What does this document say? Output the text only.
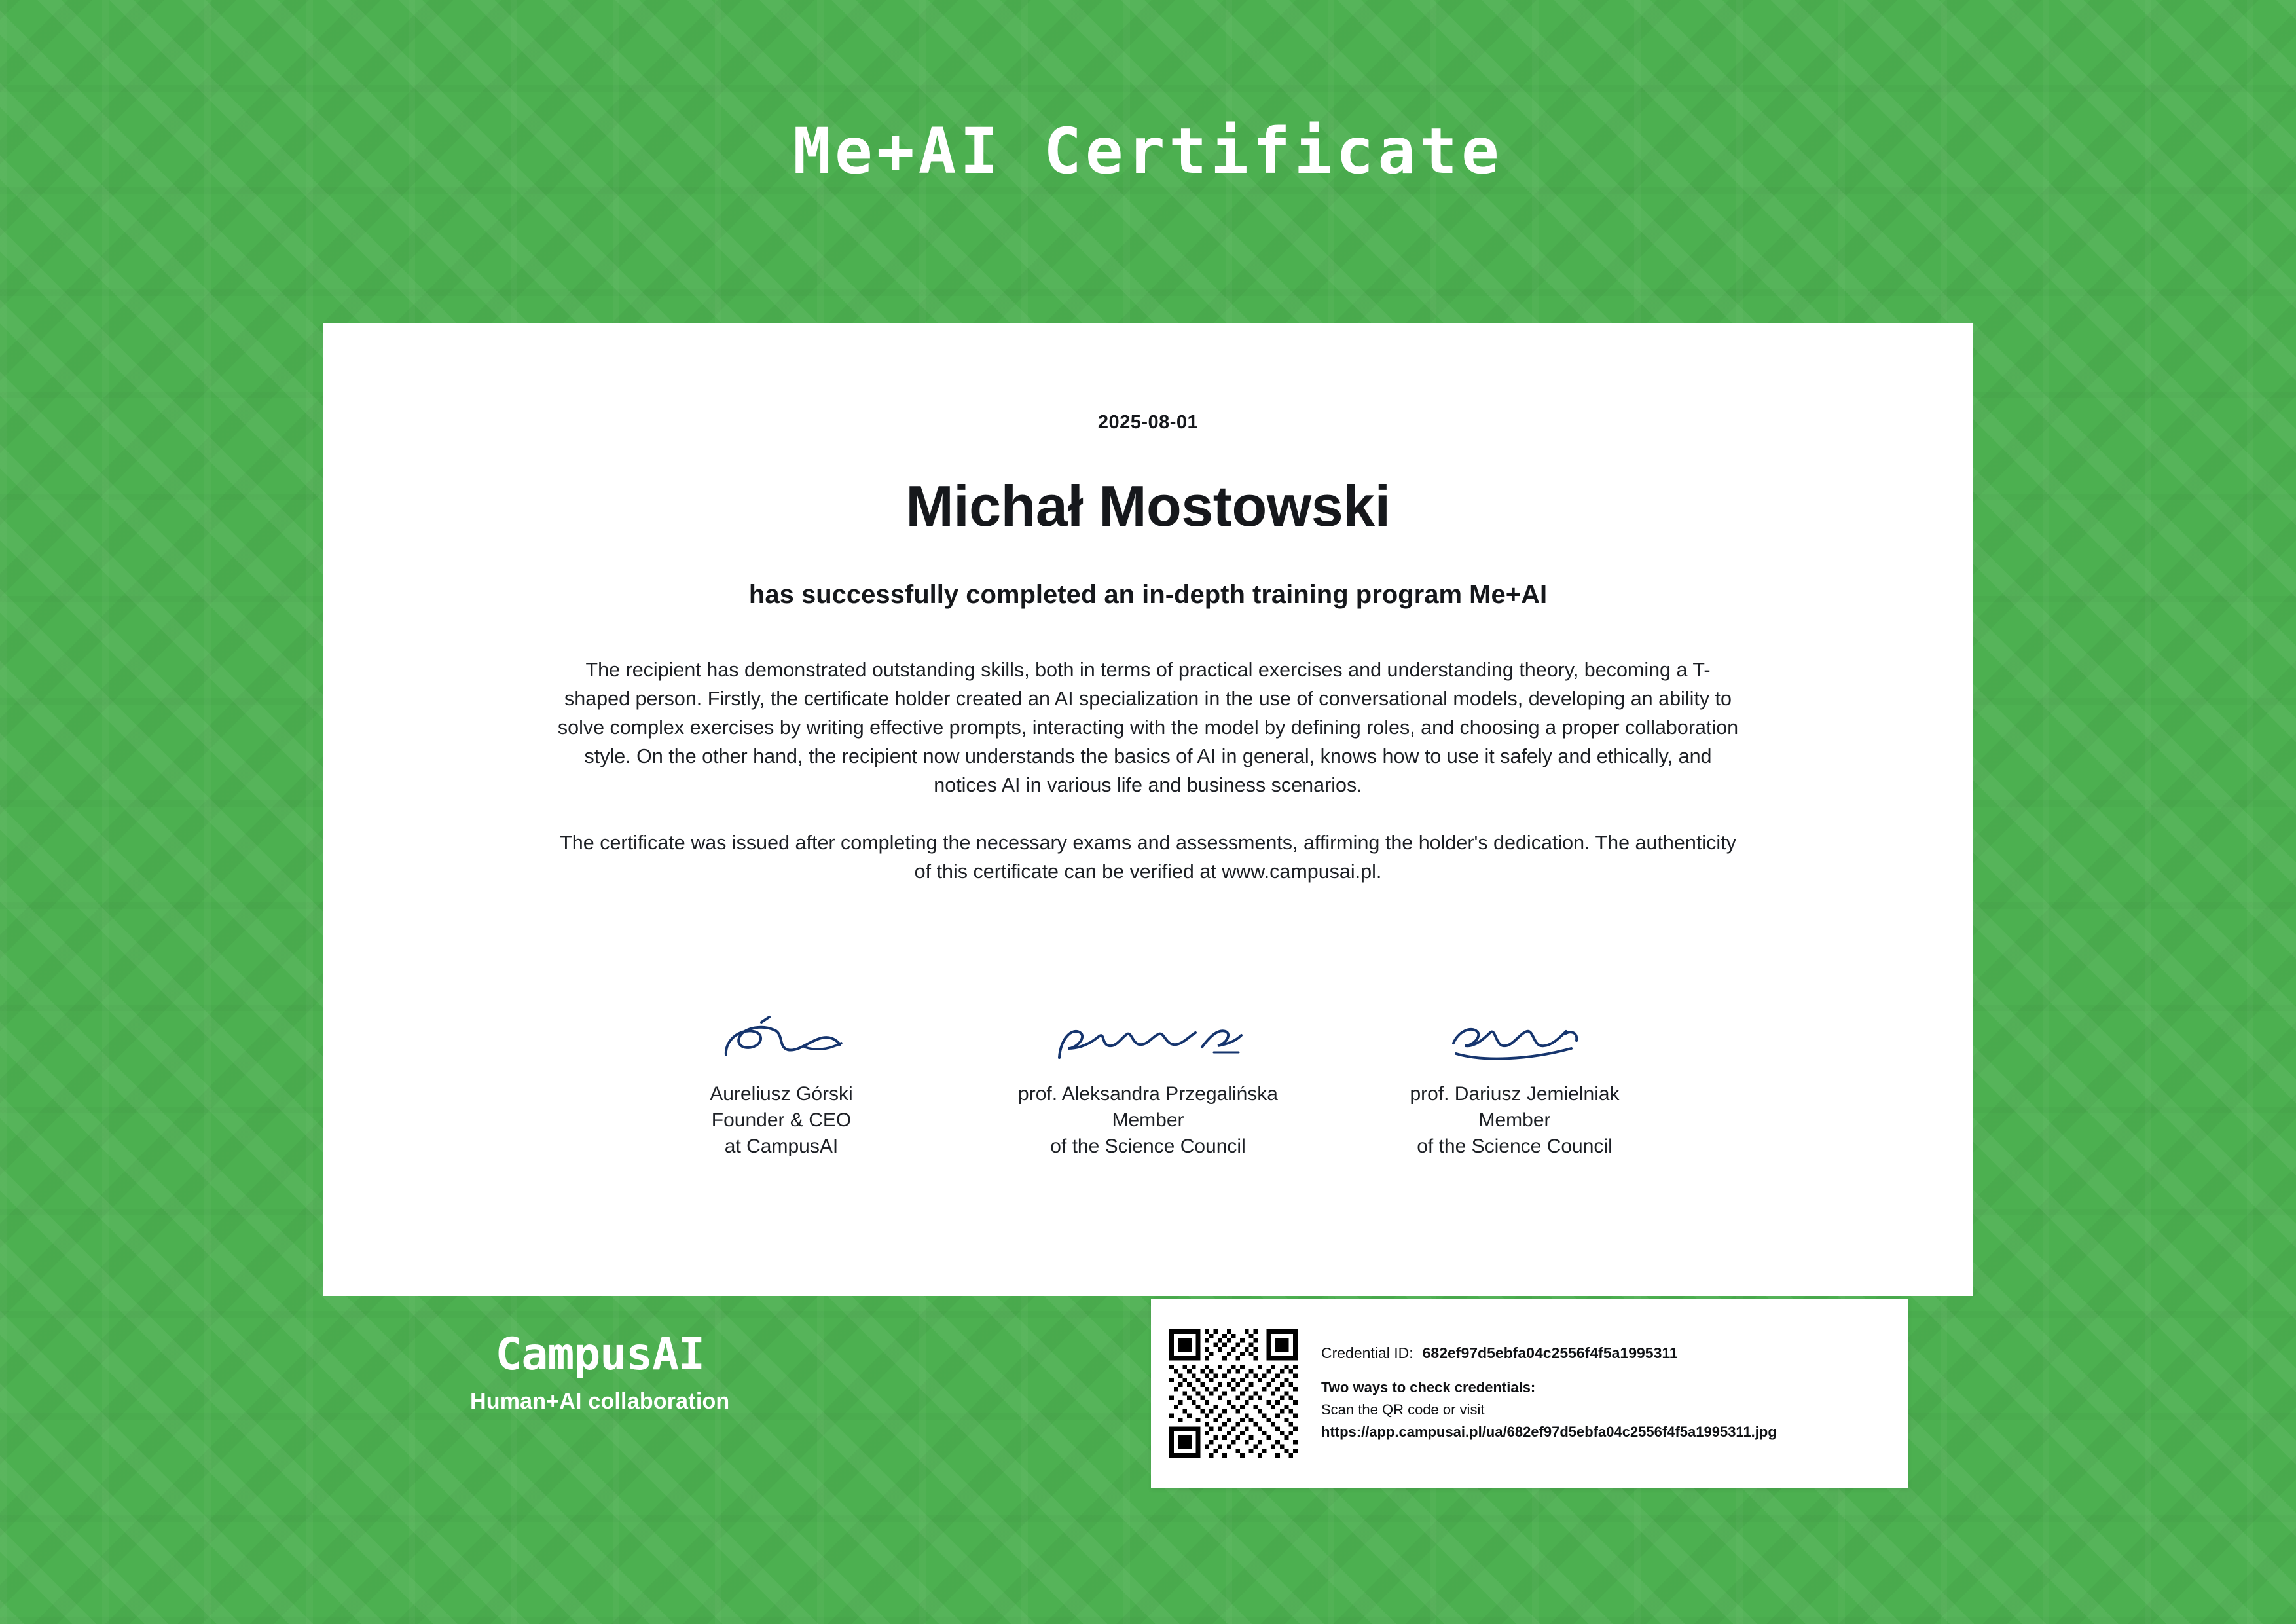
Me+AI Certificate
2025-08-01
Michał Mostowski
has successfully completed an in-depth training program Me+AI
The recipient has demonstrated outstanding skills, both in terms of practical exercises and understanding theory, becoming a T-shaped person. Firstly, the certificate holder created an AI specialization in the use of conversational models, developing an ability to solve complex exercises by writing effective prompts, interacting with the model by defining roles, and choosing a proper collaboration style. On the other hand, the recipient now understands the basics of AI in general, knows how to use it safely and ethically, and notices AI in various life and business scenarios.
The certificate was issued after completing the necessary exams and assessments, affirming the holder's dedication. The authenticity of this certificate can be verified at www.campusai.pl.
Aureliusz Górski
Founder & CEO
at CampusAI
prof. Aleksandra Przegalińska
Member
of the Science Council
prof. Dariusz Jemielniak
Member
of the Science Council
CampusAI
Human+AI collaboration
Credential ID: 682ef97d5ebfa04c2556f4f5a1995311
Two ways to check credentials:
Scan the QR code or visit
https://app.campusai.pl/ua/682ef97d5ebfa04c2556f4f5a1995311.jpg
